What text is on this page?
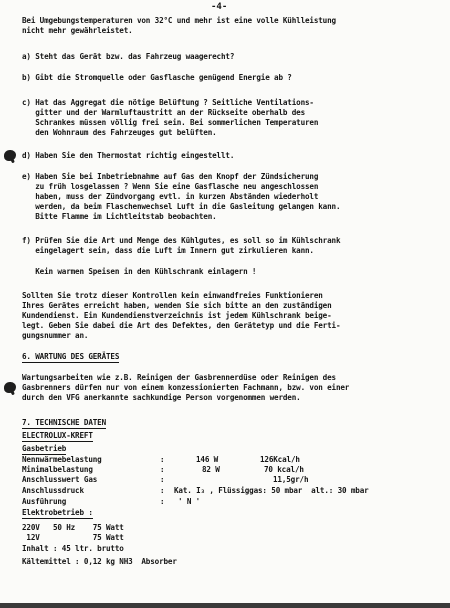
-4-
Bei Umgebungstemperaturen von 32°C und mehr ist eine volle Kühlleistung
nicht mehr gewährleistet.
a) Steht das Gerät bzw. das Fahrzeug waagerecht?
b) Gibt die Stromquelle oder Gasflasche genügend Energie ab ?
c) Hat das Aggregat die nötige Belüftung ? Seitliche Ventilations-
gitter und der Warmluftaustritt an der Rückseite oberhalb des
Schrankes müssen völlig frei sein. Bei sommerlichen Temperaturen
den Wohnraum des Fahrzeuges gut belüften.
d) Haben Sie den Thermostat richtig eingestellt.
e) Haben Sie bei Inbetriebnahme auf Gas den Knopf der Zündsicherung
zu früh losgelassen ? Wenn Sie eine Gasflasche neu angeschlossen
haben, muss der Zündvorgang evtl. in kurzen Abständen wiederholt
werden, da beim Flaschenwechsel Luft in die Gasleitung gelangen kann.
Bitte Flamme im Lichtleitstab beobachten.
f) Prüfen Sie die Art und Menge des Kühlgutes, es soll so im Kühlschrank
eingelagert sein, dass die Luft im Innern gut zirkulieren kann.
Kein warmen Speisen in den Kühlschrank einlagern !
Sollten Sie trotz dieser Kontrollen kein einwandfreies Funktionieren
Ihres Gerätes erreicht haben, wenden Sie sich bitte an den zuständigen
Kundendienst. Ein Kundendienstverzeichnis ist jedem Kühlschrank beige-
legt. Geben Sie dabei die Art des Defektes, den Gerätetyp und die Ferti-
gungsnummer an.
6. WARTUNG DES GERÄTES
Wartungsarbeiten wie z.B. Reinigen der Gasbrennerdüse oder Reinigen des
Gasbrenners dürfen nur von einem konzessionierten Fachmann, bzw. von einer
durch den VFG anerkannte sachkundige Person vorgenommen werden.
7. TECHNISCHE DATEN
ELECTROLUX-KREFT
Gasbetrieb
Nennwärmebelastung	:	146 W	126Kcal/h
Minimalbelastung	:	82 W	70 kcal/h
Anschlusswert Gas	:	11,5gr/h
Anschlussdruck	: Kat. I₃ , Flüssiggas: 50 mbar  alt.: 30 mbar
Ausführung	: ' N '
Elektrobetrieb :
220V   50 Hz    75 Watt
12V            75 Watt
Inhalt : 45 ltr. brutto
Kältemittel : 0,12 kg NH3  Absorber
